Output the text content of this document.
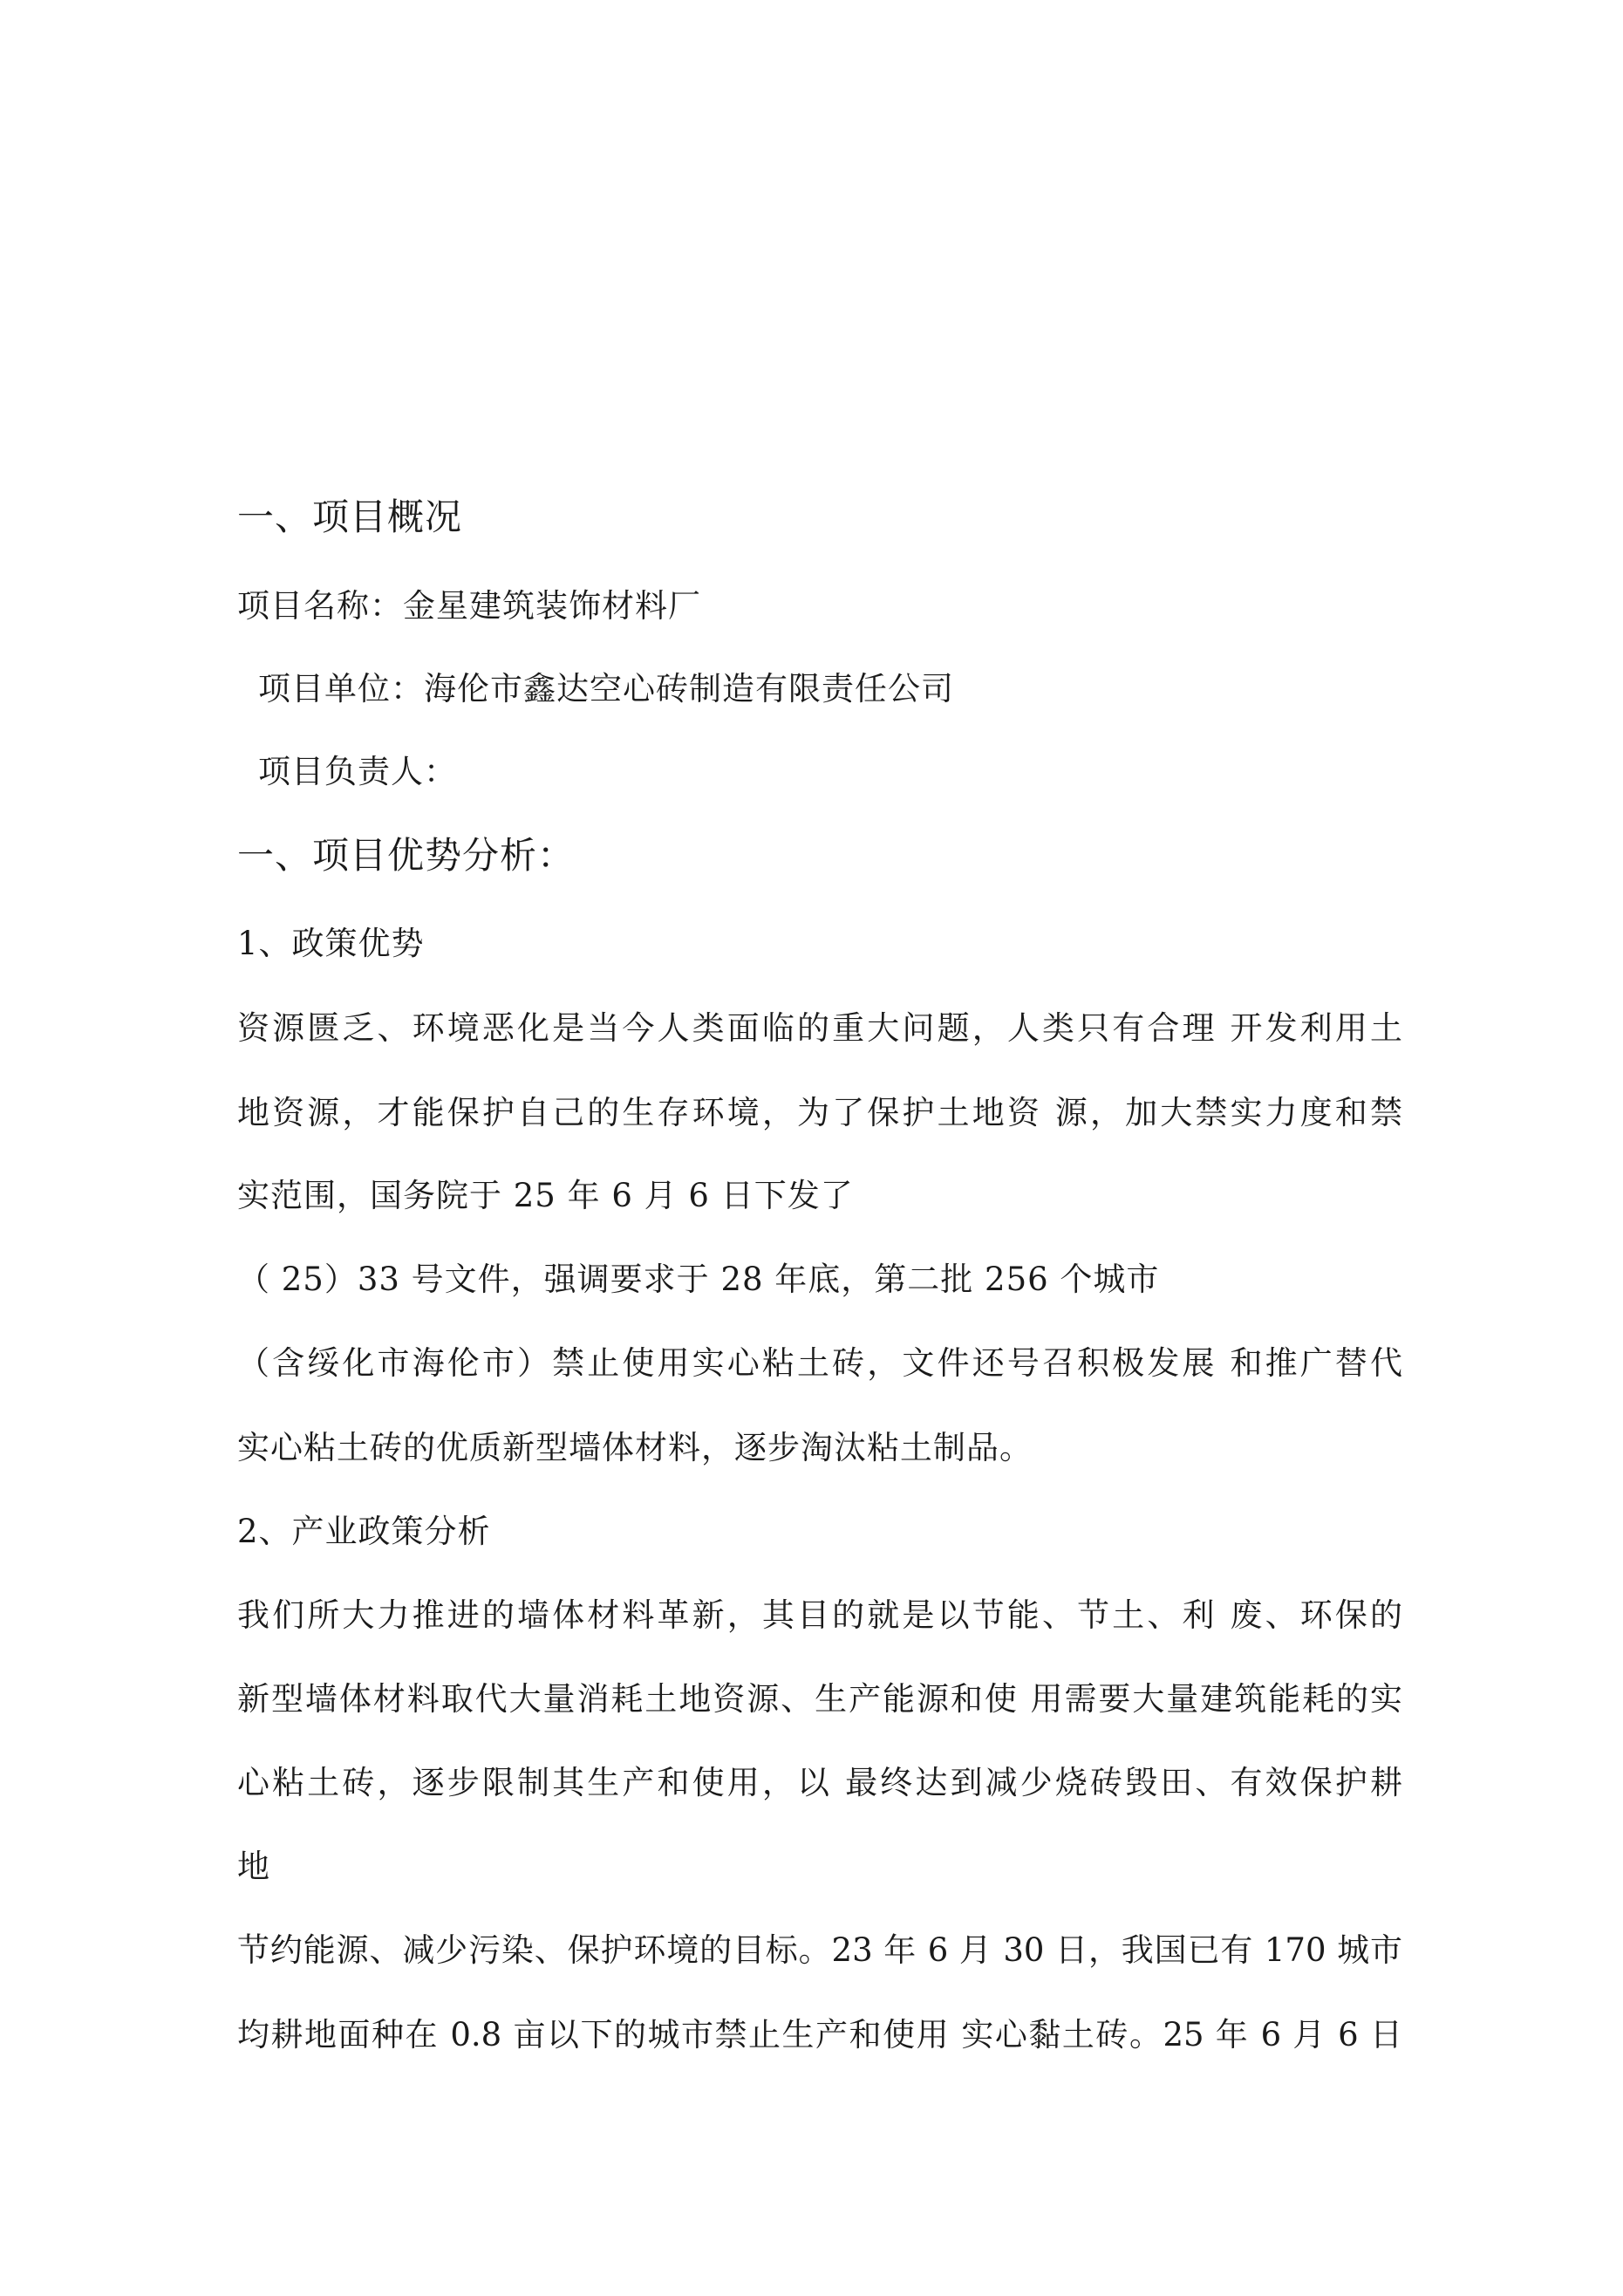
一、项目概况
项目名称：金星建筑装饰材料厂
项目单位：海伦市鑫达空心砖制造有限责任公司
项目负责人：
一、项目优势分析：
1、政策优势
资源匮乏、环境恶化是当今人类面临的重大问题，人类只有合理 开发利用土
地资源，才能保护自己的生存环境，为了保护土地资 源，加大禁实力度和禁
实范围，国务院于 25 年 6 月 6 日下发了
（ 25）33 号文件，强调要求于 28 年底，第二批 256 个城市
（含绥化市海伦市）禁止使用实心粘土砖，文件还号召积极发展 和推广替代
实心粘土砖的优质新型墙体材料，逐步淘汰粘土制品。
2、产业政策分析
我们所大力推进的墙体材料革新，其目的就是以节能、节土、利 废、环保的
新型墙体材料取代大量消耗土地资源、生产能源和使 用需要大量建筑能耗的实
心粘土砖，逐步限制其生产和使用，以 最终达到减少烧砖毁田、有效保护耕
地
节约能源、减少污染、保护环境的目标。23 年 6 月 30 日，我国已有 170 城市
均耕地面种在 0.8 亩以下的城市禁止生产和使用 实心黏土砖。25 年 6 月 6 日
